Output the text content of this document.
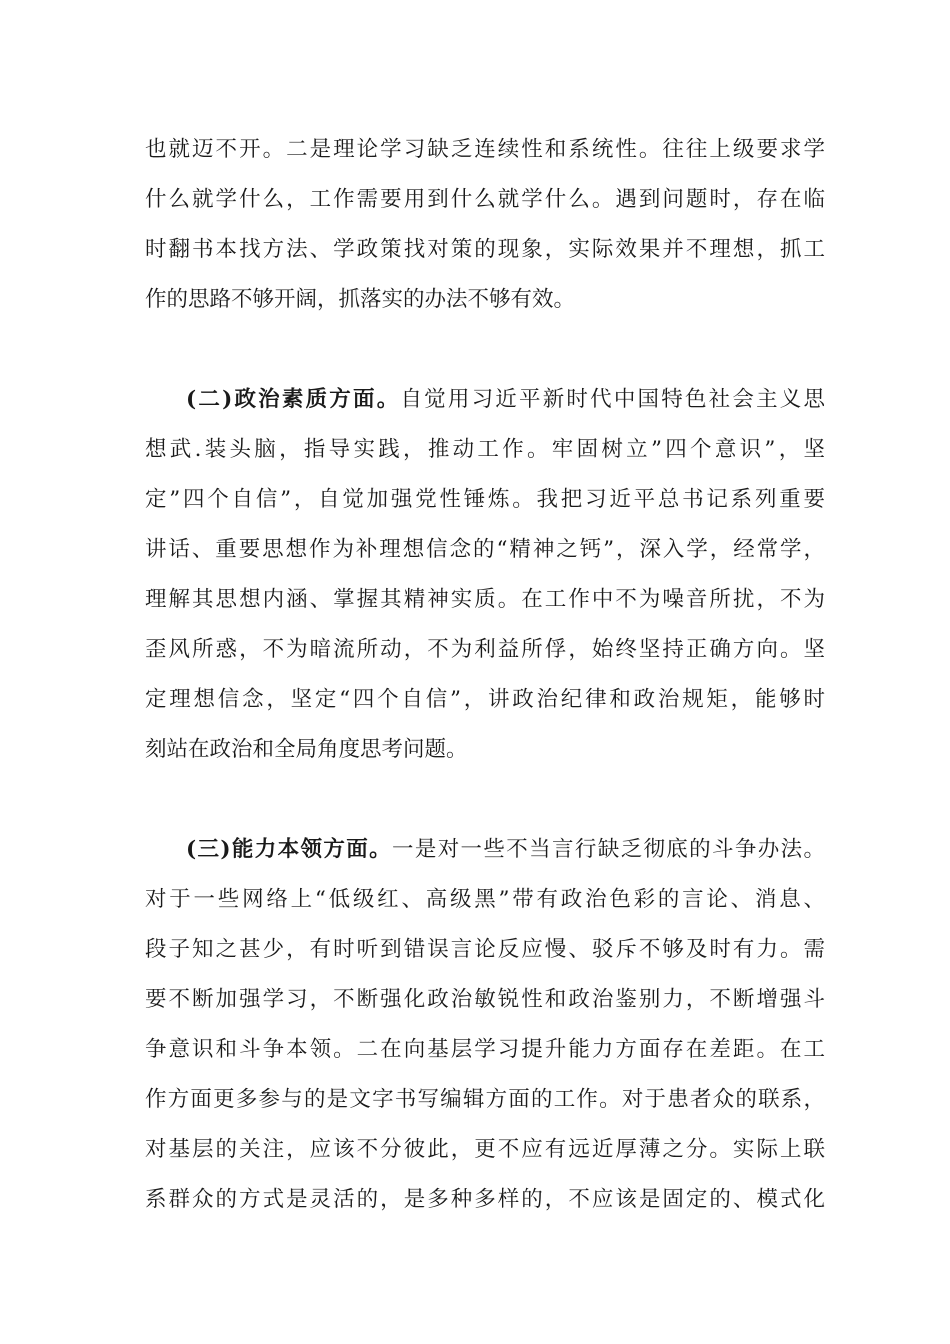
也就迈不开。二是理论学习缺乏连续性和系统性。往往上级要求学
什么就学什么，工作需要用到什么就学什么。遇到问题时，存在临
时翻书本找方法、学政策找对策的现象，实际效果并不理想，抓工
作的思路不够开阔，抓落实的办法不够有效。
(二)政治素质方面。自觉用习近平新时代中国特色社会主义思
想武.装头脑，指导实践，推动工作。牢固树立”四个意识”，坚
定”四个自信”，自觉加强党性锤炼。我把习近平总书记系列重要
讲话、重要思想作为补理想信念的“精神之钙”，深入学，经常学，
理解其思想内涵、掌握其精神实质。在工作中不为噪音所扰，不为
歪风所惑，不为暗流所动，不为利益所俘，始终坚持正确方向。坚
定理想信念，坚定“四个自信”，讲政治纪律和政治规矩，能够时
刻站在政治和全局角度思考问题。
(三)能力本领方面。一是对一些不当言行缺乏彻底的斗争办法。
对于一些网络上“低级红、高级黑”带有政治色彩的言论、消息、
段子知之甚少，有时听到错误言论反应慢、驳斥不够及时有力。需
要不断加强学习，不断强化政治敏锐性和政治鉴别力，不断增强斗
争意识和斗争本领。二在向基层学习提升能力方面存在差距。在工
作方面更多参与的是文字书写编辑方面的工作。对于患者众的联系，
对基层的关注，应该不分彼此，更不应有远近厚薄之分。实际上联
系群众的方式是灵活的，是多种多样的，不应该是固定的、模式化
